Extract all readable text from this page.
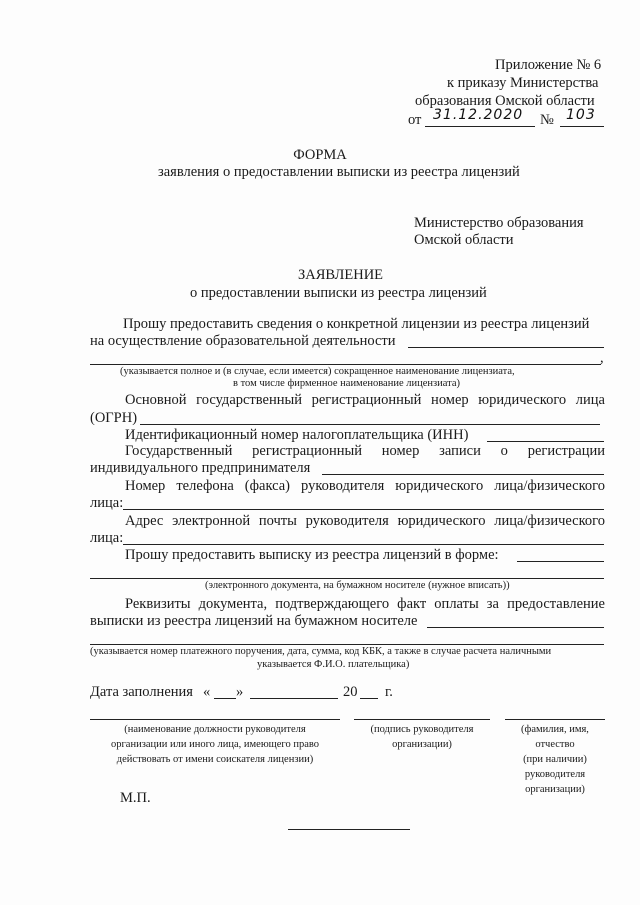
Приложение № 6
к приказу Министерства
образования Омской области
от 31.12.2020 № 103
ФОРМА
заявления о предоставлении выписки из реестра лицензий
Министерство образования
Омской области
ЗАЯВЛЕНИЕ
о предоставлении выписки из реестра лицензий
Прошу предоставить сведения о конкретной лицензии из реестра лицензий
на осуществление образовательной деятельности
,
(указывается полное и (в случае, если имеется) сокращенное наименование лицензиата,
в том числе фирменное наименование лицензиата)
Основной государственный регистрационный номер юридического лица
(ОГРН)
Идентификационный номер налогоплательщика (ИНН)
Государственный регистрационный номер записи о регистрации
индивидуального предпринимателя
Номер телефона (факса) руководителя юридического лица/физического
лица:
Адрес электронной почты руководителя юридического лица/физического
лица:
Прошу предоставить выписку из реестра лицензий в форме:
(электронного документа, на бумажном носителе (нужное вписать))
Реквизиты документа, подтверждающего факт оплаты за предоставление
выписки из реестра лицензий на бумажном носителе
(указывается номер платежного поручения, дата, сумма, код КБК, а также в случае расчета наличными
указывается Ф.И.О. плательщика)
Дата заполнения « »	20 г.
(наименование должности руководителя
организации или иного лица, имеющего право
действовать от имени соискателя лицензии)
(подпись руководителя
организации)
(фамилия, имя,
отчество
(при наличии)
руководителя
организации)
М.П.
